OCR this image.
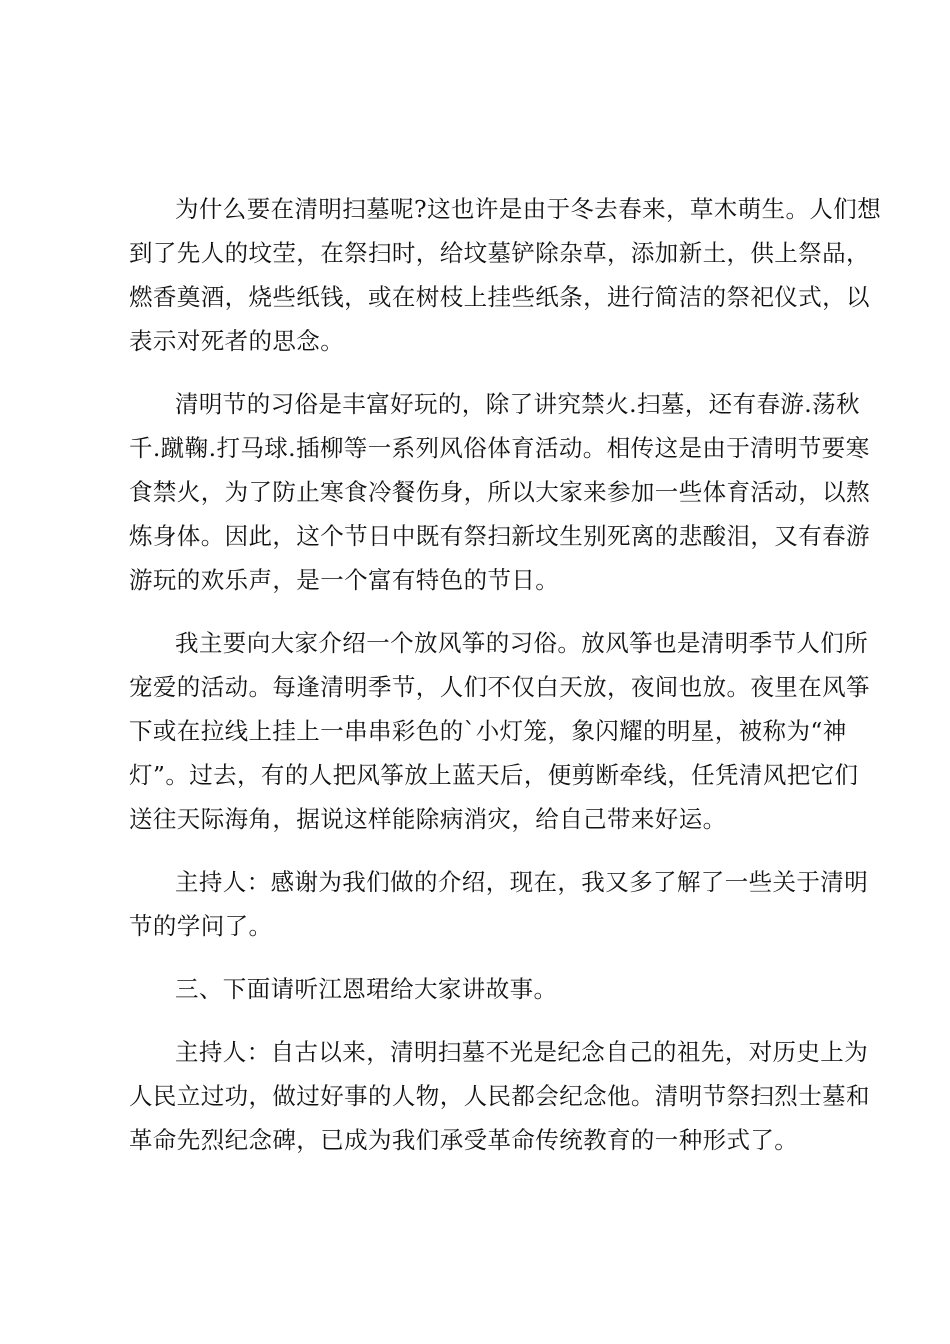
为什么要在清明扫墓呢?这也许是由于冬去春来，草木萌生。人们想
到了先人的坟茔，在祭扫时，给坟墓铲除杂草，添加新土，供上祭品，
燃香奠酒，烧些纸钱，或在树枝上挂些纸条，进行简洁的祭祀仪式，以
表示对死者的思念。
清明节的习俗是丰富好玩的，除了讲究禁火.扫墓，还有春游.荡秋
千.蹴鞠.打马球.插柳等一系列风俗体育活动。相传这是由于清明节要寒
食禁火，为了防止寒食冷餐伤身，所以大家来参加一些体育活动，以熬
炼身体。因此，这个节日中既有祭扫新坟生别死离的悲酸泪，又有春游
游玩的欢乐声，是一个富有特色的节日。
我主要向大家介绍一个放风筝的习俗。放风筝也是清明季节人们所
宠爱的活动。每逢清明季节，人们不仅白天放，夜间也放。夜里在风筝
下或在拉线上挂上一串串彩色的`小灯笼，象闪耀的明星，被称为“神
灯”。过去，有的人把风筝放上蓝天后，便剪断牵线，任凭清风把它们
送往天际海角，据说这样能除病消灾，给自己带来好运。
主持人：感谢为我们做的介绍，现在，我又多了解了一些关于清明
节的学问了。
三、下面请听江恩珺给大家讲故事。
主持人：自古以来，清明扫墓不光是纪念自己的祖先，对历史上为
人民立过功，做过好事的人物，人民都会纪念他。清明节祭扫烈士墓和
革命先烈纪念碑，已成为我们承受革命传统教育的一种形式了。
